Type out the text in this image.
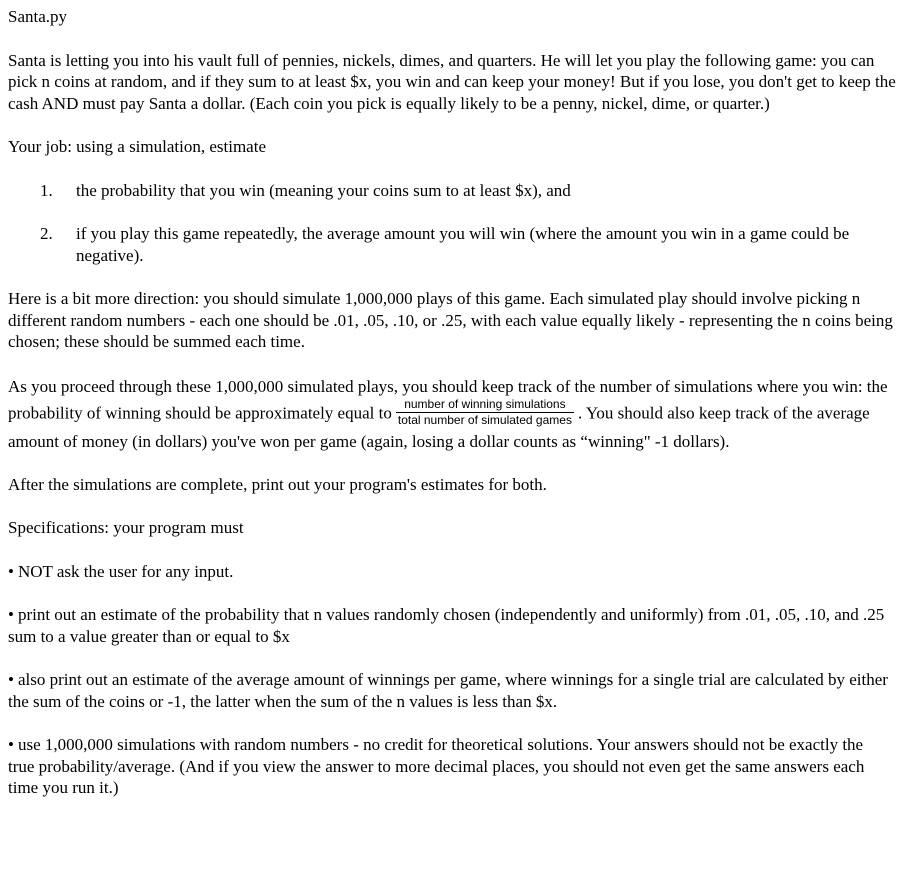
Santa.py

Santa is letting you into his vault full of pennies, nickels, dimes, and quarters. He will let you play the following game: you can pick n coins at random, and if they sum to at least $x, you win and can keep your money! But if you lose, you don't get to keep the cash AND must pay Santa a dollar. (Each coin you pick is equally likely to be a penny, nickel, dime, or quarter.)

Your job: using a simulation, estimate

1.	the probability that you win (meaning your coins sum to at least $x), and
2.	if you play this game repeatedly, the average amount you will win (where the amount you win in a game could be negative).

Here is a bit more direction: you should simulate 1,000,000 plays of this game. Each simulated play should involve picking n different random numbers - each one should be .01, .05, .10, or .25, with each value equally likely - representing the n coins being chosen; these should be summed each time.

As you proceed through these 1,000,000 simulated plays, you should keep track of the number of simulations where you win: the probability of winning should be approximately equal to $\frac{\text{number of winning simulations}}{\text{total number of simulated games}}$ . You should also keep track of the average amount of money (in dollars) you've won per game (again, losing a dollar counts as “winning" -1 dollars).

After the simulations are complete, print out your program's estimates for both.

Specifications: your program must

• NOT ask the user for any input.

• print out an estimate of the probability that n values randomly chosen (independently and uniformly) from .01, .05, .10, and .25 sum to a value greater than or equal to $x

• also print out an estimate of the average amount of winnings per game, where winnings for a single trial are calculated by either the sum of the coins or -1, the latter when the sum of the n values is less than $x.

• use 1,000,000 simulations with random numbers - no credit for theoretical solutions. Your answers should not be exactly the true probability/average. (And if you view the answer to more decimal places, you should not even get the same answers each time you run it.)
